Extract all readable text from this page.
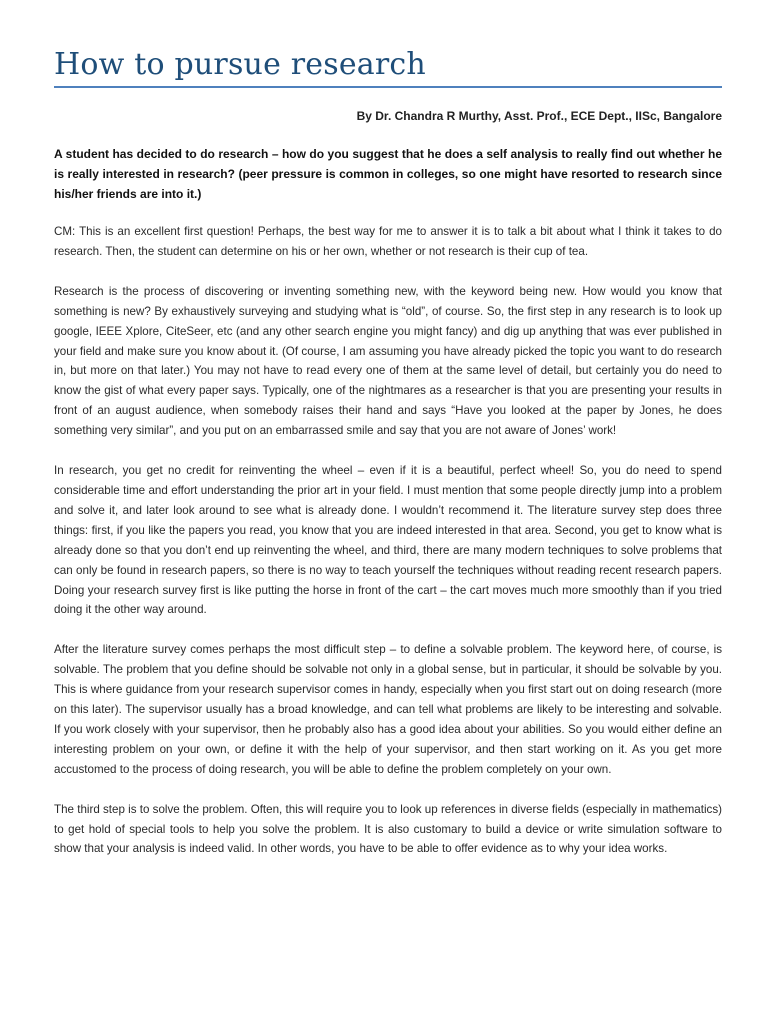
How to pursue research
By Dr. Chandra R Murthy, Asst. Prof., ECE Dept., IISc, Bangalore
A student has decided to do research – how do you suggest that he does a self analysis to really find out whether he is really interested in research? (peer pressure is common in colleges, so one might have resorted to research since his/her friends are into it.)

CM: This is an excellent first question! Perhaps, the best way for me to answer it is to talk a bit about what I think it takes to do research. Then, the student can determine on his or her own, whether or not research is their cup of tea.

Research is the process of discovering or inventing something new, with the keyword being new. How would you know that something is new? By exhaustively surveying and studying what is “old”, of course. So, the first step in any research is to look up google, IEEE Xplore, CiteSeer, etc (and any other search engine you might fancy) and dig up anything that was ever published in your field and make sure you know about it. (Of course, I am assuming you have already picked the topic you want to do research in, but more on that later.) You may not have to read every one of them at the same level of detail, but certainly you do need to know the gist of what every paper says. Typically, one of the nightmares as a researcher is that you are presenting your results in front of an august audience, when somebody raises their hand and says “Have you looked at the paper by Jones, he does something very similar”, and you put on an embarrassed smile and say that you are not aware of Jones’ work!

In research, you get no credit for reinventing the wheel – even if it is a beautiful, perfect wheel! So, you do need to spend considerable time and effort understanding the prior art in your field. I must mention that some people directly jump into a problem and solve it, and later look around to see what is already done. I wouldn’t recommend it. The literature survey step does three things: first, if you like the papers you read, you know that you are indeed interested in that area. Second, you get to know what is already done so that you don’t end up reinventing the wheel, and third, there are many modern techniques to solve problems that can only be found in research papers, so there is no way to teach yourself the techniques without reading recent research papers. Doing your research survey first is like putting the horse in front of the cart – the cart moves much more smoothly than if you tried doing it the other way around.

After the literature survey comes perhaps the most difficult step – to define a solvable problem. The keyword here, of course, is solvable. The problem that you define should be solvable not only in a global sense, but in particular, it should be solvable by you. This is where guidance from your research supervisor comes in handy, especially when you first start out on doing research (more on this later). The supervisor usually has a broad knowledge, and can tell what problems are likely to be interesting and solvable. If you work closely with your supervisor, then he probably also has a good idea about your abilities. So you would either define an interesting problem on your own, or define it with the help of your supervisor, and then start working on it. As you get more accustomed to the process of doing research, you will be able to define the problem completely on your own.

The third step is to solve the problem. Often, this will require you to look up references in diverse fields (especially in mathematics) to get hold of special tools to help you solve the problem. It is also customary to build a device or write simulation software to show that your analysis is indeed valid. In other words, you have to be able to offer evidence as to why your idea works.
